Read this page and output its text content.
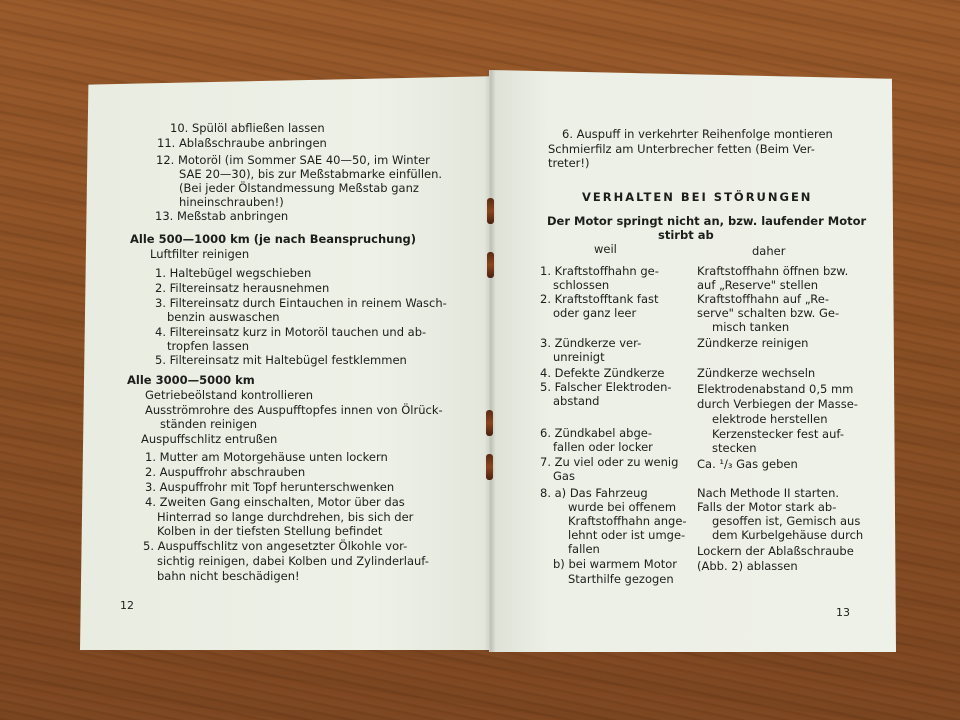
10. Spülöl abfließen lassen
11. Ablaßschraube anbringen
12. Motoröl (im Sommer SAE 40—50, im Winter
SAE 20—30), bis zur Meßstabmarke einfüllen.
(Bei jeder Ölstandmessung Meßstab ganz
hineinschrauben!)
13. Meßstab anbringen
Alle 500—1000 km (je nach Beanspruchung)
Luftfilter reinigen
1. Haltebügel wegschieben
2. Filtereinsatz herausnehmen
3. Filtereinsatz durch Eintauchen in reinem Wasch-
benzin auswaschen
4. Filtereinsatz kurz in Motoröl tauchen und ab-
tropfen lassen
5. Filtereinsatz mit Haltebügel festklemmen
Alle 3000—5000 km
Getriebeölstand kontrollieren
Ausströmrohre des Auspufftopfes innen von Ölrück-
ständen reinigen
Auspuffschlitz entrußen
1. Mutter am Motorgehäuse unten lockern
2. Auspuffrohr abschrauben
3. Auspuffrohr mit Topf herunterschwenken
4. Zweiten Gang einschalten, Motor über das
Hinterrad so lange durchdrehen, bis sich der
Kolben in der tiefsten Stellung befindet
5. Auspuffschlitz von angesetzter Ölkohle vor-
sichtig reinigen, dabei Kolben und Zylinderlauf-
bahn nicht beschädigen!
12
6. Auspuff in verkehrter Reihenfolge montieren
Schmierfilz am Unterbrecher fetten (Beim Ver-
treter!)
VERHALTEN BEI STÖRUNGEN
Der Motor springt nicht an, bzw. laufender Motor
stirbt ab
weil	daher
1. Kraftstoffhahn ge-
schlossen
2. Kraftstofftank fast
oder ganz leer
3. Zündkerze ver-
unreinigt
4. Defekte Zündkerze
5. Falscher Elektroden-
abstand
6. Zündkabel abge-
fallen oder locker
7. Zu viel oder zu wenig
Gas
8. a) Das Fahrzeug
wurde bei offenem
Kraftstoffhahn ange-
lehnt oder ist umge-
fallen
b) bei warmem Motor
Starthilfe gezogen
Kraftstoffhahn öffnen bzw.
auf „Reserve" stellen
Kraftstoffhahn auf „Re-
serve" schalten bzw. Ge-
misch tanken
Zündkerze reinigen
Zündkerze wechseln
Elektrodenabstand 0,5 mm
durch Verbiegen der Masse-
elektrode herstellen
Kerzenstecker fest auf-
stecken
Ca. ¹/₃ Gas geben
Nach Methode II starten.
Falls der Motor stark ab-
gesoffen ist, Gemisch aus
dem Kurbelgehäuse durch
Lockern der Ablaßschraube
(Abb. 2) ablassen
13
